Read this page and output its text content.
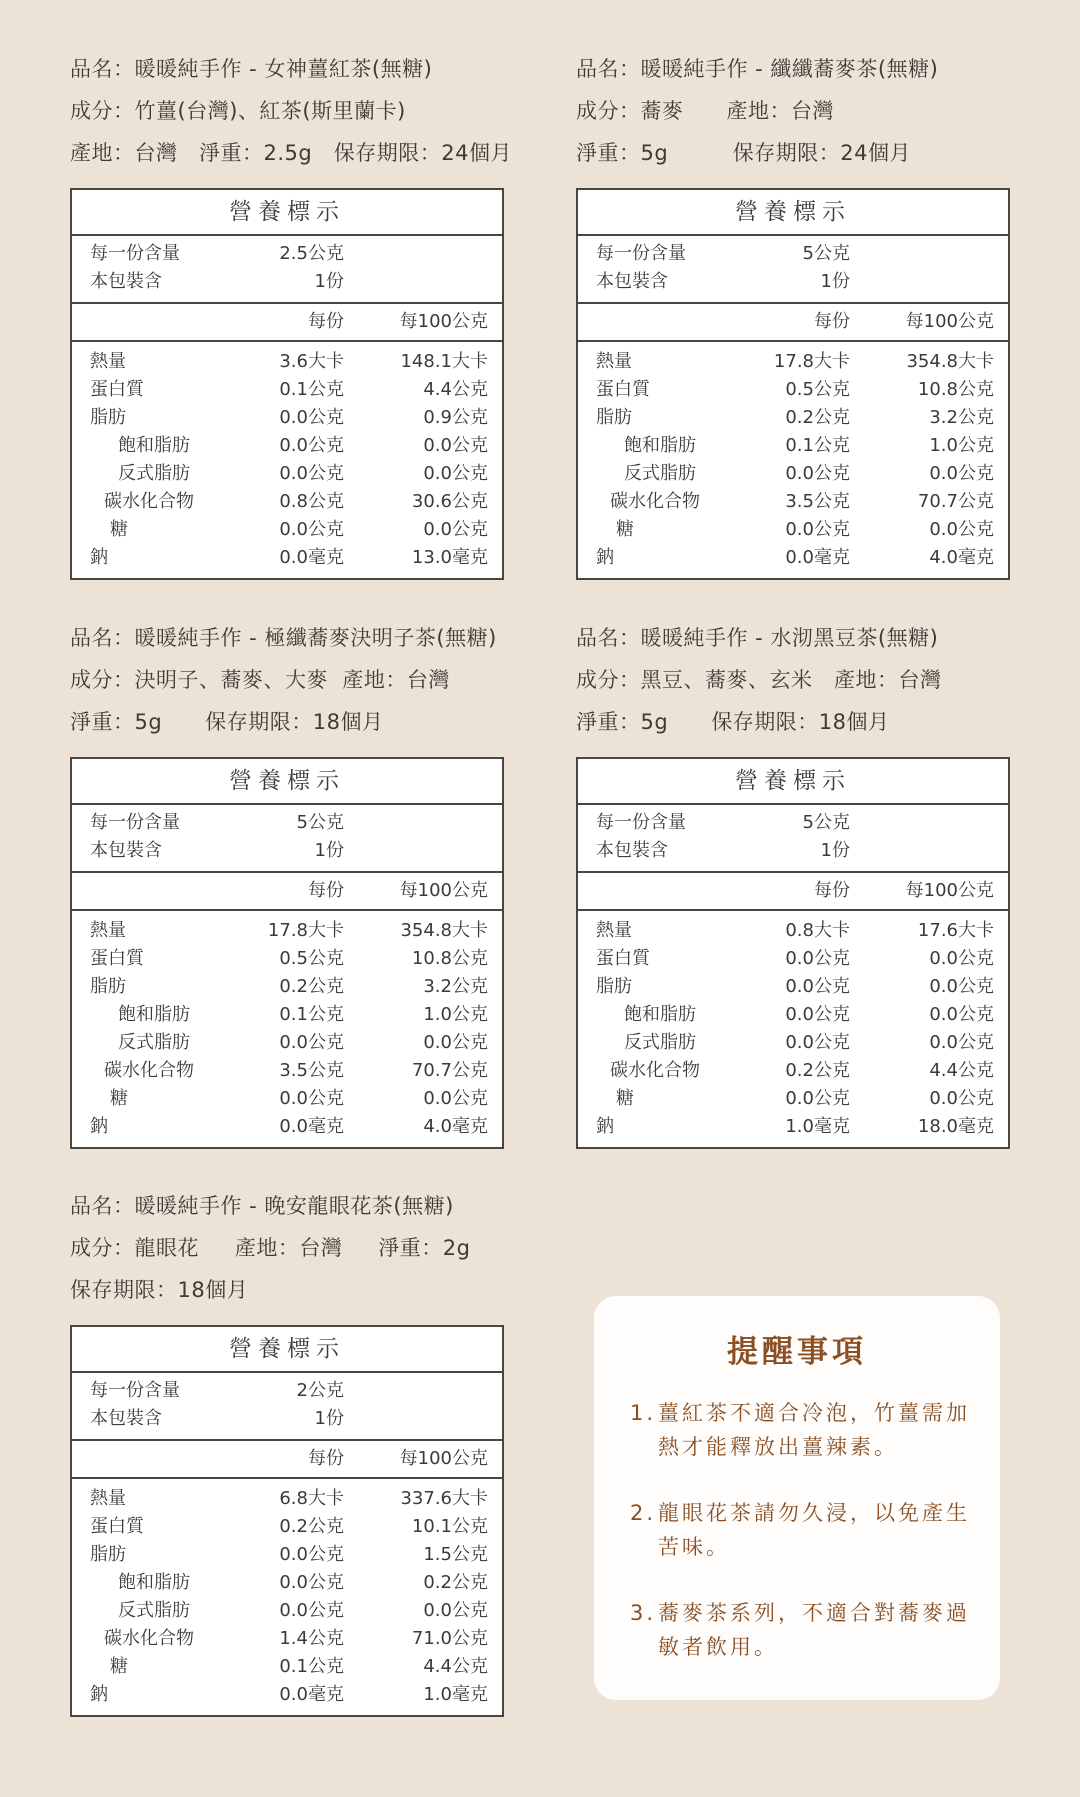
品名：暖暖純手作 - 女神薑紅茶(無糖)
成分：竹薑(台灣)、紅茶(斯里蘭卡)
產地：台灣   淨重：2.5g   保存期限：24個月
營養標示
每一份含量	2.5公克
本包裝含	1份
每份	每100公克
熱量	3.6大卡	148.1大卡
蛋白質	0.1公克	4.4公克
脂肪	0.0公克	0.9公克
飽和脂肪	0.0公克	0.0公克
反式脂肪	0.0公克	0.0公克
碳水化合物	0.8公克	30.6公克
糖	0.0公克	0.0公克
鈉	0.0毫克	13.0毫克
品名：暖暖純手作 - 纖纖蕎麥茶(無糖)
成分：蕎麥      產地：台灣
淨重：5g         保存期限：24個月
營養標示
每一份含量	5公克
本包裝含	1份
每份	每100公克
熱量	17.8大卡	354.8大卡
蛋白質	0.5公克	10.8公克
脂肪	0.2公克	3.2公克
飽和脂肪	0.1公克	1.0公克
反式脂肪	0.0公克	0.0公克
碳水化合物	3.5公克	70.7公克
糖	0.0公克	0.0公克
鈉	0.0毫克	4.0毫克
品名：暖暖純手作 - 極纖蕎麥決明子茶(無糖)
成分：決明子、蕎麥、大麥  產地：台灣
淨重：5g      保存期限：18個月
營養標示
每一份含量	5公克
本包裝含	1份
每份	每100公克
熱量	17.8大卡	354.8大卡
蛋白質	0.5公克	10.8公克
脂肪	0.2公克	3.2公克
飽和脂肪	0.1公克	1.0公克
反式脂肪	0.0公克	0.0公克
碳水化合物	3.5公克	70.7公克
糖	0.0公克	0.0公克
鈉	0.0毫克	4.0毫克
品名：暖暖純手作 - 水沏黑豆茶(無糖)
成分：黑豆、蕎麥、玄米   產地：台灣
淨重：5g      保存期限：18個月
營養標示
每一份含量	5公克
本包裝含	1份
每份	每100公克
熱量	0.8大卡	17.6大卡
蛋白質	0.0公克	0.0公克
脂肪	0.0公克	0.0公克
飽和脂肪	0.0公克	0.0公克
反式脂肪	0.0公克	0.0公克
碳水化合物	0.2公克	4.4公克
糖	0.0公克	0.0公克
鈉	1.0毫克	18.0毫克
品名：暖暖純手作 - 晚安龍眼花茶(無糖)
成分：龍眼花     產地：台灣     淨重：2g
保存期限：18個月
營養標示
每一份含量	2公克
本包裝含	1份
每份	每100公克
熱量	6.8大卡	337.6大卡
蛋白質	0.2公克	10.1公克
脂肪	0.0公克	1.5公克
飽和脂肪	0.0公克	0.2公克
反式脂肪	0.0公克	0.0公克
碳水化合物	1.4公克	71.0公克
糖	0.1公克	4.4公克
鈉	0.0毫克	1.0毫克
提醒事項
1. 薑紅茶不適合冷泡，竹薑需加熱才能釋放出薑辣素。
2. 龍眼花茶請勿久浸，以免產生苦味。
3. 蕎麥茶系列，不適合對蕎麥過敏者飲用。
